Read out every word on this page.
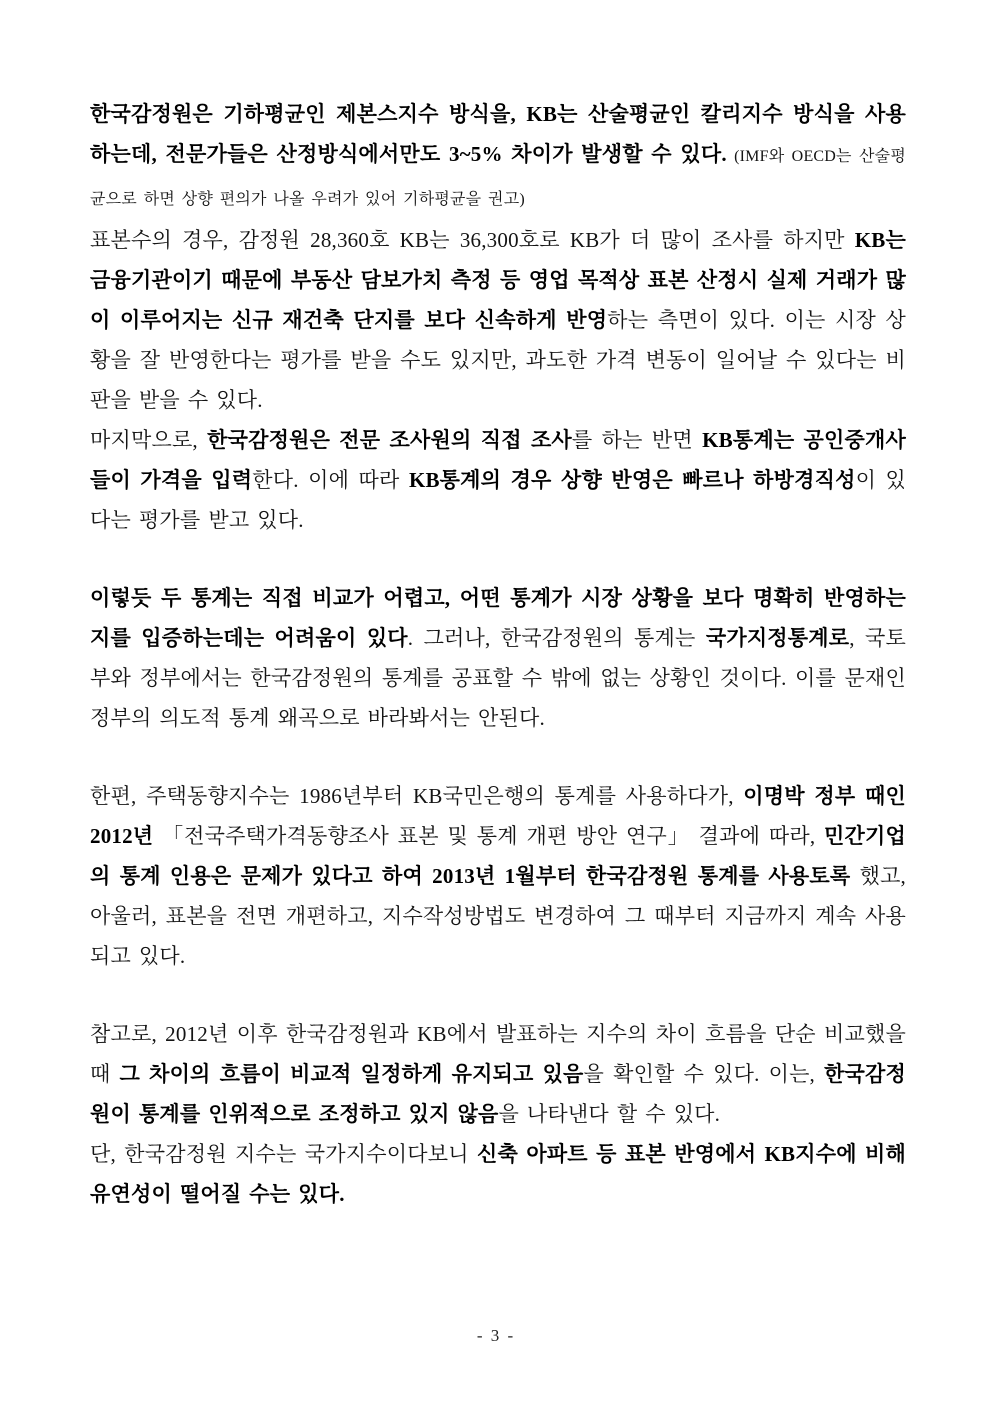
한국감정원은 기하평균인 제본스지수 방식을, KB는 산술평균인 칼리지수 방식을 사용하는데, 전문가들은 산정방식에서만도 3~5% 차이가 발생할 수 있다. (IMF와 OECD는 산술평균으로 하면 상향 편의가 나올 우려가 있어 기하평균을 권고)

표본수의 경우, 감정원 28,360호 KB는 36,300호로 KB가 더 많이 조사를 하지만 KB는 금융기관이기 때문에 부동산 담보가치 측정 등 영업 목적상 표본 산정시 실제 거래가 많이 이루어지는 신규 재건축 단지를 보다 신속하게 반영하는 측면이 있다. 이는 시장 상황을 잘 반영한다는 평가를 받을 수도 있지만, 과도한 가격 변동이 일어날 수 있다는 비판을 받을 수 있다.

마지막으로, 한국감정원은 전문 조사원의 직접 조사를 하는 반면 KB통계는 공인중개사들이 가격을 입력한다. 이에 따라 KB통계의 경우 상향 반영은 빠르나 하방경직성이 있다는 평가를 받고 있다.

이렇듯 두 통계는 직접 비교가 어렵고, 어떤 통계가 시장 상황을 보다 명확히 반영하는지를 입증하는데는 어려움이 있다. 그러나, 한국감정원의 통계는 국가지정통계로, 국토부와 정부에서는 한국감정원의 통계를 공표할 수 밖에 없는 상황인 것이다. 이를 문재인 정부의 의도적 통계 왜곡으로 바라봐서는 안된다.

한편, 주택동향지수는 1986년부터 KB국민은행의 통계를 사용하다가, 이명박 정부 때인 2012년 「전국주택가격동향조사 표본 및 통계 개편 방안 연구」 결과에 따라, 민간기업의 통계 인용은 문제가 있다고 하여 2013년 1월부터 한국감정원 통계를 사용토록 했고, 아울러, 표본을 전면 개편하고, 지수작성방법도 변경하여 그 때부터 지금까지 계속 사용되고 있다.

참고로, 2012년 이후 한국감정원과 KB에서 발표하는 지수의 차이 흐름을 단순 비교했을 때 그 차이의 흐름이 비교적 일정하게 유지되고 있음을 확인할 수 있다. 이는, 한국감정원이 통계를 인위적으로 조정하고 있지 않음을 나타낸다 할 수 있다.

단, 한국감정원 지수는 국가지수이다보니 신축 아파트 등 표본 반영에서 KB지수에 비해 유연성이 떨어질 수는 있다.

- 3 -
